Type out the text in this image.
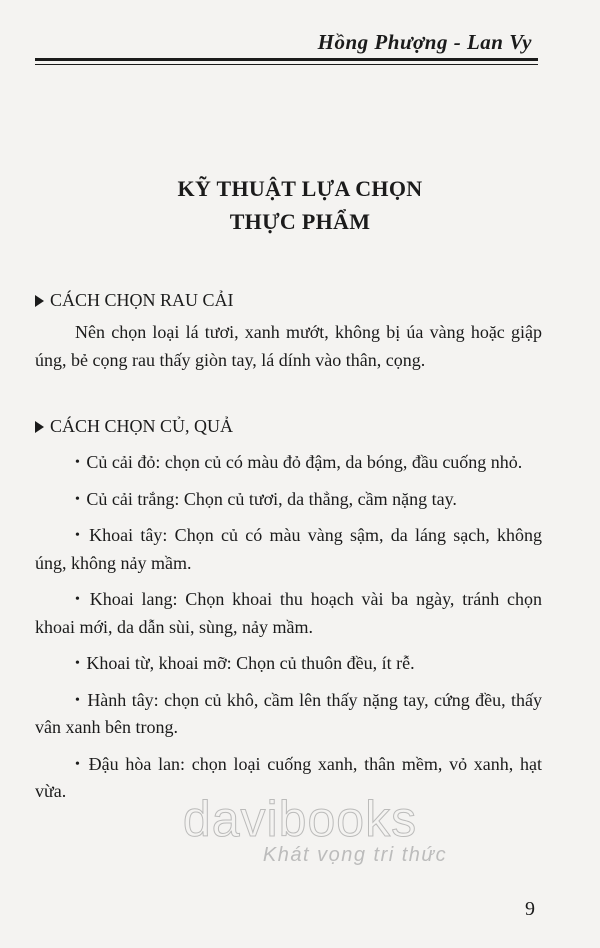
Hồng Phượng - Lan Vy
KỸ THUẬT LỰA CHỌN
THỰC PHẨM
CÁCH CHỌN RAU CẢI

Nên chọn loại lá tươi, xanh mướt, không bị úa vàng hoặc giập úng, bẻ cọng rau thấy giòn tay, lá dính vào thân, cọng.

CÁCH CHỌN CỦ, QUẢ

• Củ cải đỏ: chọn củ có màu đỏ đậm, da bóng, đầu cuống nhỏ.

• Củ cải trắng: Chọn củ tươi, da thẳng, cầm nặng tay.

• Khoai tây: Chọn củ có màu vàng sậm, da láng sạch, không úng, không nảy mầm.

• Khoai lang: Chọn khoai thu hoạch vài ba ngày, tránh chọn khoai mới, da dẫn sùi, sùng, nảy mầm.

• Khoai từ, khoai mỡ: Chọn củ thuôn đều, ít rễ.

• Hành tây: chọn củ khô, cầm lên thấy nặng tay, cứng đều, thấy vân xanh bên trong.

• Đậu hòa lan: chọn loại cuống xanh, thân mềm, vỏ xanh, hạt vừa.	davibooks
Khát vọng tri thức
9
